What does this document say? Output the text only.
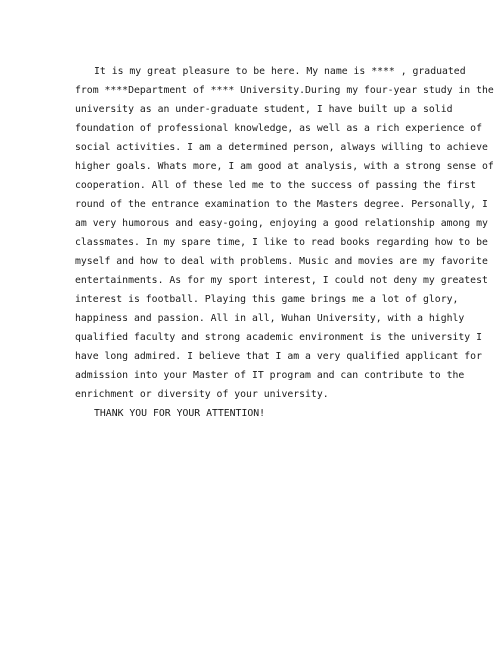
It is my great pleasure to be here. My name is **** , graduated
from ****Department of **** University.During my four-year study in the
university as an under-graduate student, I have built up a solid
foundation of professional knowledge, as well as a rich experience of
social activities. I am a determined person, always willing to achieve
higher goals. Whats more, I am good at analysis, with a strong sense of
cooperation. All of these led me to the success of passing the first
round of the entrance examination to the Masters degree. Personally, I
am very humorous and easy-going, enjoying a good relationship among my
classmates. In my spare time, I like to read books regarding how to be
myself and how to deal with problems. Music and movies are my favorite
entertainments. As for my sport interest, I could not deny my greatest
interest is football. Playing this game brings me a lot of glory,
happiness and passion. All in all, Wuhan University, with a highly
qualified faculty and strong academic environment is the university I
have long admired. I believe that I am a very qualified applicant for
admission into your Master of IT program and can contribute to the
enrichment or diversity of your university.
THANK YOU FOR YOUR ATTENTION!
